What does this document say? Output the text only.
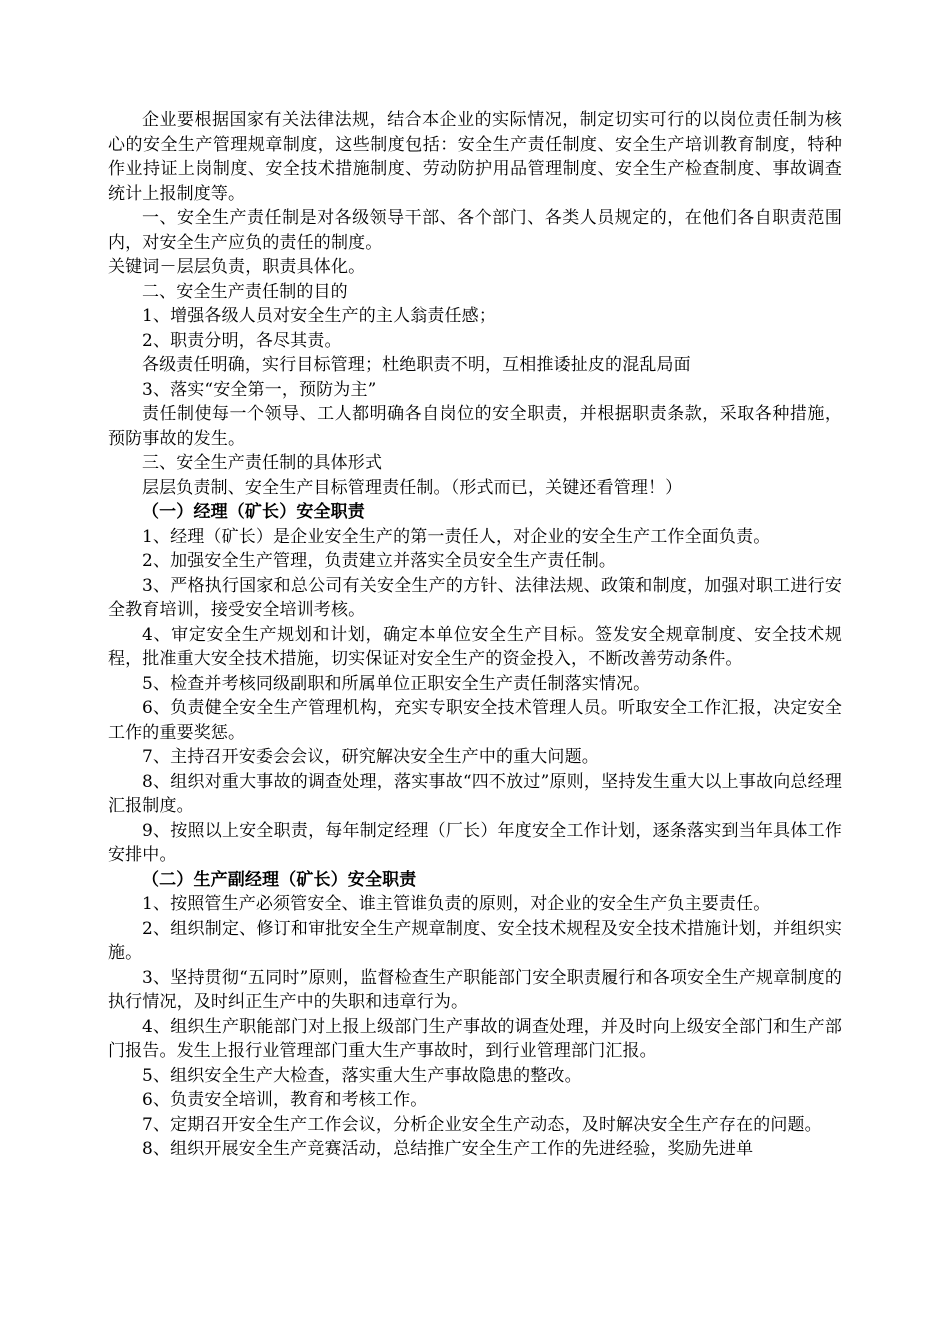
企业要根据国家有关法律法规，结合本企业的实际情况，制定切实可行的以岗位责任制为核心的安全生产管理规章制度，这些制度包括：安全生产责任制度、安全生产培训教育制度，特种作业持证上岗制度、安全技术措施制度、劳动防护用品管理制度、安全生产检查制度、事故调查统计上报制度等。

一、安全生产责任制是对各级领导干部、各个部门、各类人员规定的，在他们各自职责范围内，对安全生产应负的责任的制度。

关键词－层层负责，职责具体化。

二、安全生产责任制的目的

1、增强各级人员对安全生产的主人翁责任感；

2、职责分明，各尽其责。

各级责任明确，实行目标管理；杜绝职责不明，互相推诿扯皮的混乱局面

3、落实“安全第一，预防为主”

责任制使每一个领导、工人都明确各自岗位的安全职责，并根据职责条款，采取各种措施，预防事故的发生。

三、安全生产责任制的具体形式

层层负责制、安全生产目标管理责任制。（形式而已，关键还看管理！）

（一）经理（矿长）安全职责

1、经理（矿长）是企业安全生产的第一责任人，对企业的安全生产工作全面负责。

2、加强安全生产管理，负责建立并落实全员安全生产责任制。

3、严格执行国家和总公司有关安全生产的方针、法律法规、政策和制度，加强对职工进行安全教育培训，接受安全培训考核。

4、审定安全生产规划和计划，确定本单位安全生产目标。签发安全规章制度、安全技术规程，批准重大安全技术措施，切实保证对安全生产的资金投入，不断改善劳动条件。

5、检查并考核同级副职和所属单位正职安全生产责任制落实情况。

6、负责健全安全生产管理机构，充实专职安全技术管理人员。听取安全工作汇报，决定安全工作的重要奖惩。

7、主持召开安委会会议，研究解决安全生产中的重大问题。

8、组织对重大事故的调查处理，落实事故“四不放过”原则，坚持发生重大以上事故向总经理汇报制度。

9、按照以上安全职责，每年制定经理（厂长）年度安全工作计划，逐条落实到当年具体工作安排中。

（二）生产副经理（矿长）安全职责

1、按照管生产必须管安全、谁主管谁负责的原则，对企业的安全生产负主要责任。

2、组织制定、修订和审批安全生产规章制度、安全技术规程及安全技术措施计划，并组织实施。

3、坚持贯彻“五同时”原则，监督检查生产职能部门安全职责履行和各项安全生产规章制度的执行情况，及时纠正生产中的失职和违章行为。

4、组织生产职能部门对上报上级部门生产事故的调查处理，并及时向上级安全部门和生产部门报告。发生上报行业管理部门重大生产事故时，到行业管理部门汇报。

5、组织安全生产大检查，落实重大生产事故隐患的整改。

6、负责安全培训，教育和考核工作。

7、定期召开安全生产工作会议，分析企业安全生产动态，及时解决安全生产存在的问题。

8、组织开展安全生产竞赛活动，总结推广安全生产工作的先进经验，奖励先进单
